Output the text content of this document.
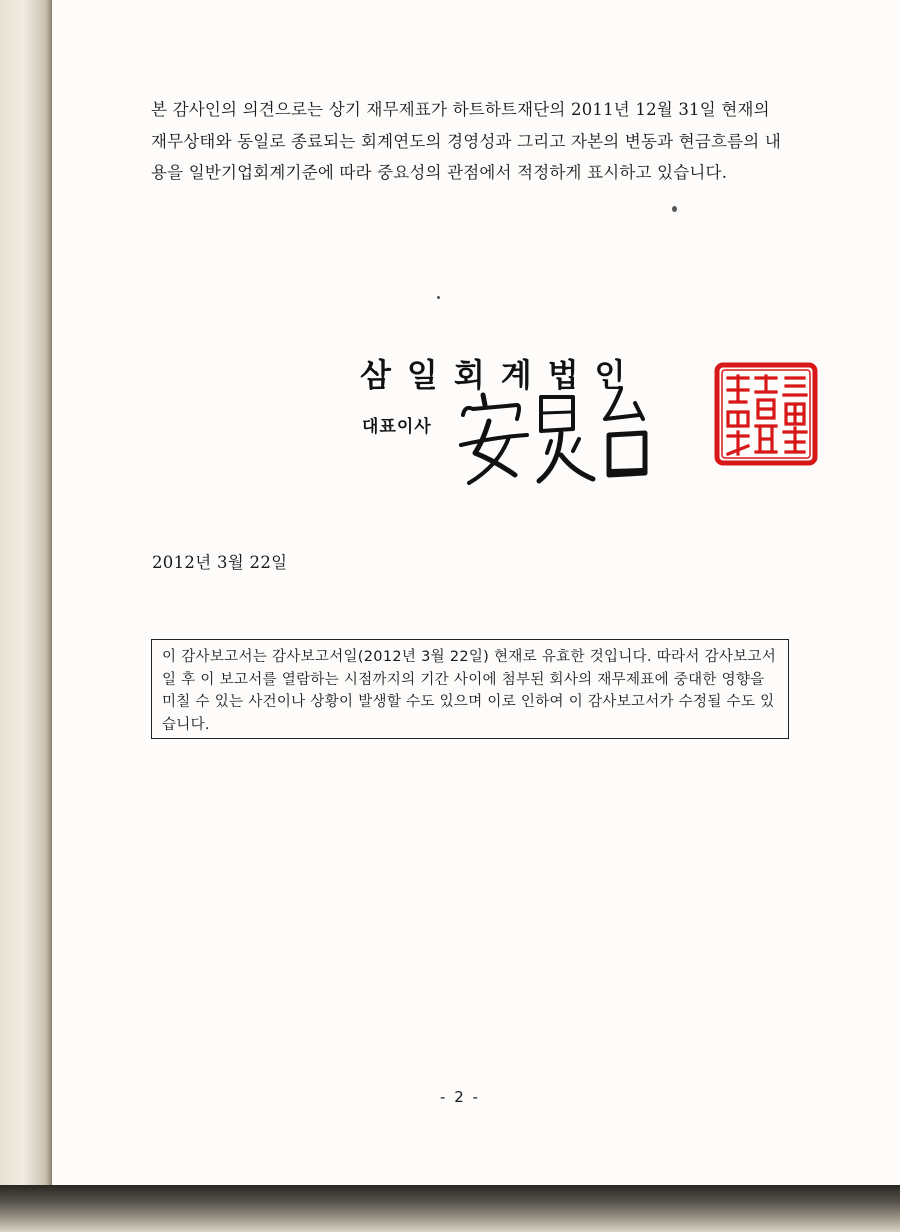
본 감사인의 의견으로는 상기 재무제표가 하트하트재단의 2011년 12월 31일 현재의 재무상태와 동일로 종료되는 회계연도의 경영성과 그리고 자본의 변동과 현금흐름의 내용을 일반기업회계기준에 따라 중요성의 관점에서 적정하게 표시하고 있습니다.

삼일회계법인
대표이사
2012년 3월 22일
이 감사보고서는 감사보고서일(2012년 3월 22일) 현재로 유효한 것입니다. 따라서 감사보고서일 후 이 보고서를 열람하는 시점까지의 기간 사이에 첨부된 회사의 재무제표에 중대한 영향을 미칠 수 있는 사건이나 상황이 발생할 수도 있으며 이로 인하여 이 감사보고서가 수정될 수도 있습니다.
- 2 -
